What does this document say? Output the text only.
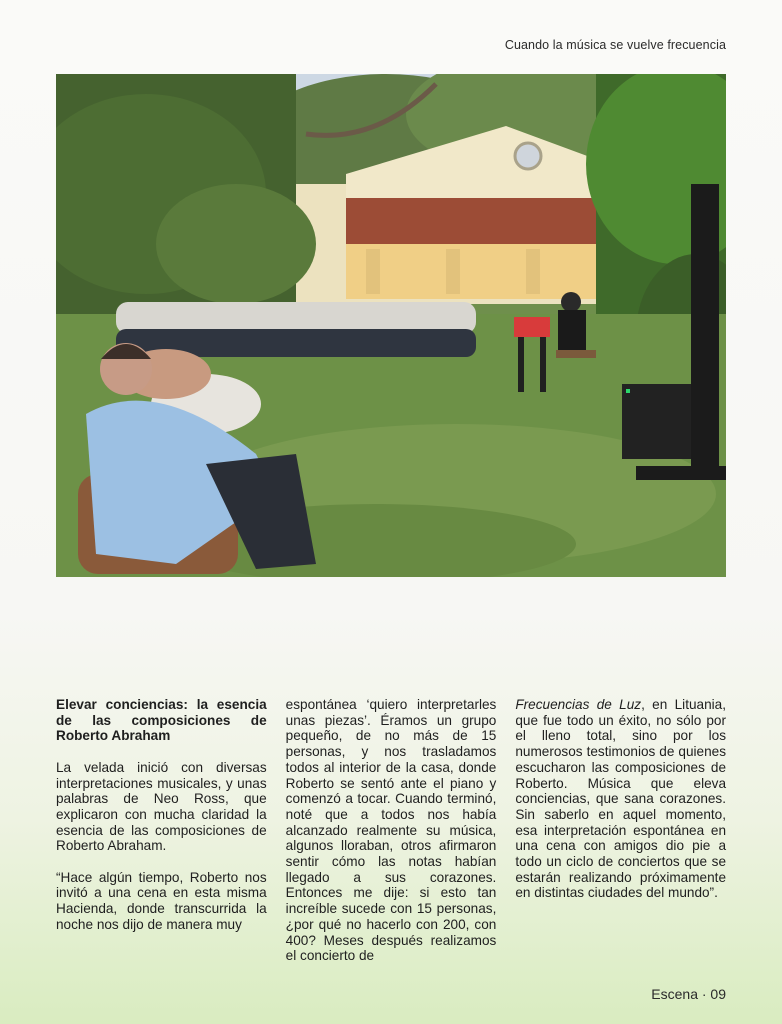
Cuando la música se vuelve frecuencia
Elevar conciencias: la esencia de las composiciones de Roberto Abraham

La velada inició con diversas interpretaciones musicales, y unas palabras de Neo Ross, que explicaron con mucha claridad la esencia de las composiciones de Roberto Abraham.

“Hace algún tiempo, Roberto nos invitó a una cena en esta misma Hacienda, donde transcurrida la noche nos dijo de manera muy

espontánea ‘quiero interpretarles unas piezas’. Éramos un grupo pequeño, de no más de 15 personas, y nos trasladamos todos al interior de la casa, donde Roberto se sentó ante el piano y comenzó a tocar. Cuando terminó, noté que a todos nos había alcanzado realmente su música, algunos lloraban, otros afirmaron sentir cómo las notas habían llegado a sus corazones. Entonces me dije: si esto tan increíble sucede con 15 personas, ¿por qué no hacerlo con 200, con 400? Meses después realizamos el concierto de

Frecuencias de Luz, en Lituania, que fue todo un éxito, no sólo por el lleno total, sino por los numerosos testimonios de quienes escucharon las composiciones de Roberto. Música que eleva conciencias, que sana corazones. Sin saberlo en aquel momento, esa interpretación espontánea en una cena con amigos dio pie a todo un ciclo de conciertos que se estarán realizando próximamente en distintas ciudades del mundo”.

Escena · 09
